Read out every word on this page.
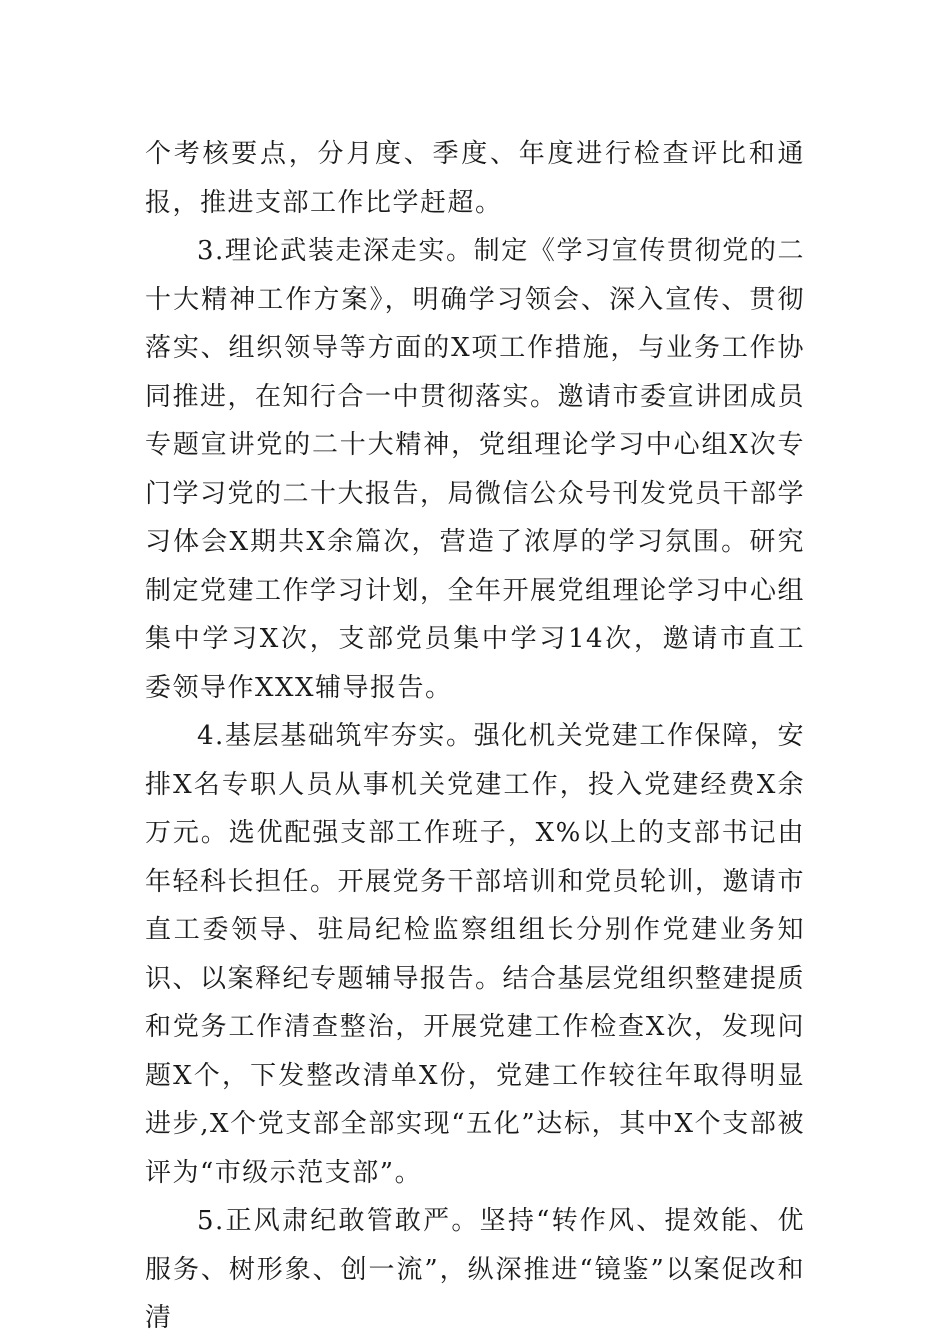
个考核要点，分月度、季度、年度进行检查评比和通报，推进支部工作比学赶超。

3.理论武装走深走实。制定《学习宣传贯彻党的二十大精神工作方案》，明确学习领会、深入宣传、贯彻落实、组织领导等方面的X项工作措施，与业务工作协同推进，在知行合一中贯彻落实。邀请市委宣讲团成员专题宣讲党的二十大精神，党组理论学习中心组X次专门学习党的二十大报告，局微信公众号刊发党员干部学习体会X期共X余篇次，营造了浓厚的学习氛围。研究制定党建工作学习计划，全年开展党组理论学习中心组集中学习X次，支部党员集中学习14次，邀请市直工委领导作XXX辅导报告。

4.基层基础筑牢夯实。强化机关党建工作保障，安排X名专职人员从事机关党建工作，投入党建经费X余万元。选优配强支部工作班子，X%以上的支部书记由年轻科长担任。开展党务干部培训和党员轮训，邀请市直工委领导、驻局纪检监察组组长分别作党建业务知识、以案释纪专题辅导报告。结合基层党组织整建提质和党务工作清查整治，开展党建工作检查X次，发现问题X个，下发整改清单X份，党建工作较往年取得明显进步,X个党支部全部实现“五化”达标，其中X个支部被评为“市级示范支部”。

5.正风肃纪敢管敢严。坚持“转作风、提效能、优服务、树形象、创一流”，纵深推进“镜鉴”以案促改和清
